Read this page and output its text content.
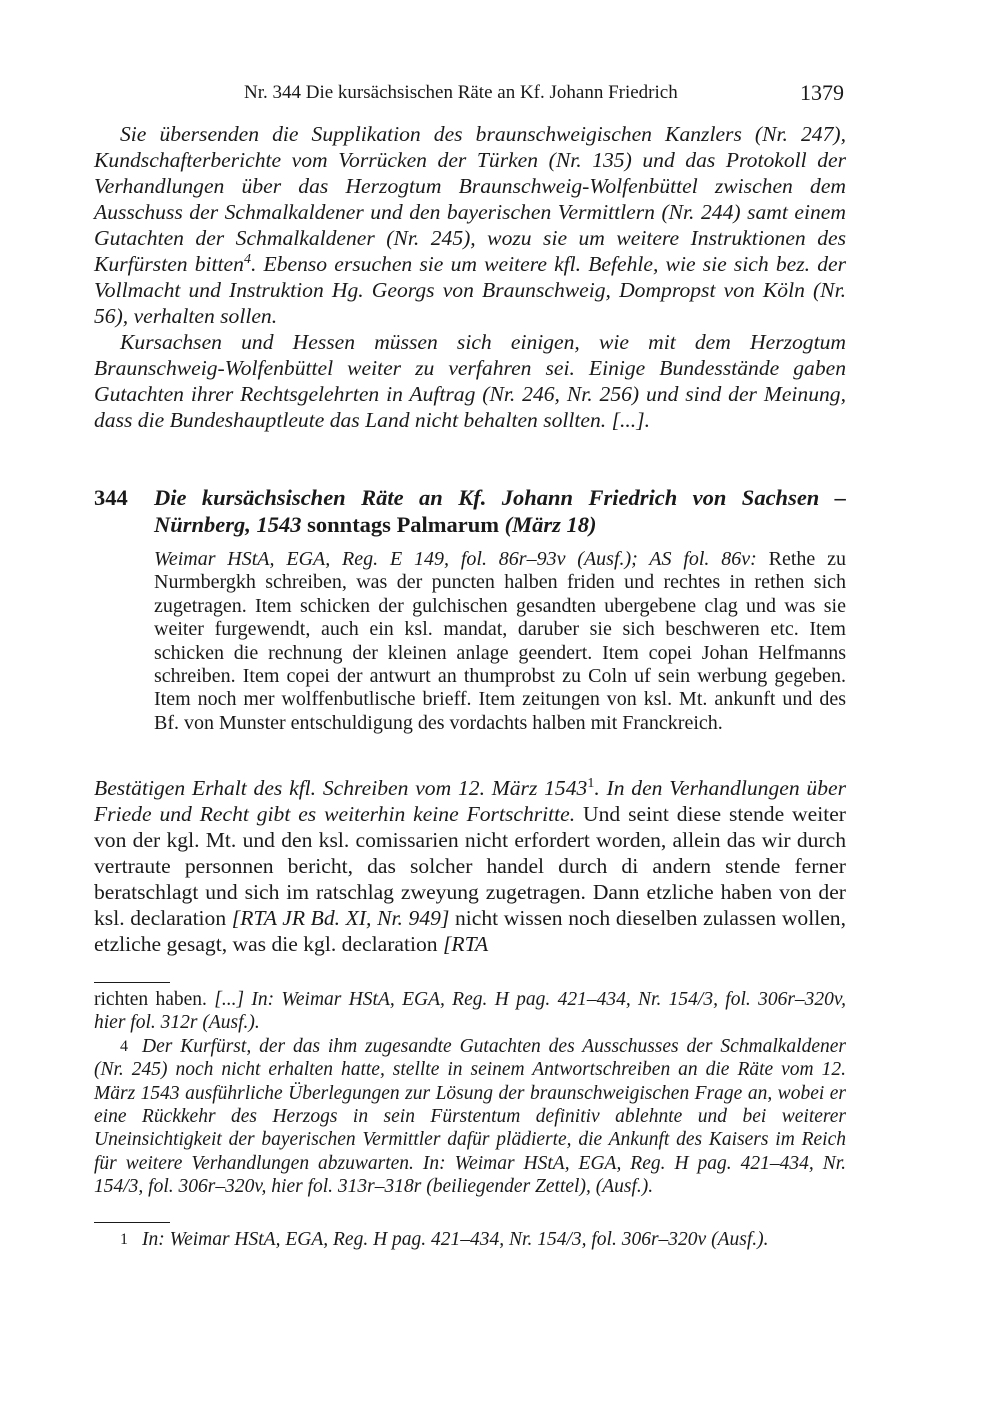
Nr. 344 Die kursächsischen Räte an Kf. Johann Friedrich	1379

Sie übersenden die Supplikation des braunschweigischen Kanzlers (Nr. 247), Kundschafterberichte vom Vorrücken der Türken (Nr. 135) und das Protokoll der Verhandlungen über das Herzogtum Braunschweig-Wolfenbüttel zwischen dem Ausschuss der Schmalkaldener und den bayerischen Vermittlern (Nr. 244) samt einem Gutachten der Schmalkaldener (Nr. 245), wozu sie um weitere Instruktionen des Kurfürsten bitten$^4$. Ebenso ersuchen sie um weitere kfl. Befehle, wie sie sich bez. der Vollmacht und Instruktion Hg. Georgs von Braunschweig, Dompropst von Köln (Nr. 56), verhalten sollen.

Kursachsen und Hessen müssen sich einigen, wie mit dem Herzogtum Braunschweig-Wolfenbüttel weiter zu verfahren sei. Einige Bundesstände gaben Gutachten ihrer Rechtsgelehrten in Auftrag (Nr. 246, Nr. 256) und sind der Meinung, dass die Bundeshauptleute das Land nicht behalten sollten. [...].

344 Die kursächsischen Räte an Kf. Johann Friedrich von Sachsen – Nürnberg, 1543 sonntags Palmarum (März 18)
Weimar HStA, EGA, Reg. E 149, fol. 86r–93v (Ausf.); AS fol. 86v: Rethe zu Nurmbergkh schreiben, was der puncten halben friden und rechtes in rethen sich zugetragen. Item schicken der gulchischen gesandten ubergebene clag und was sie weiter furgewendt, auch ein ksl. mandat, daruber sie sich beschweren etc. Item schicken die rechnung der kleinen anlage geendert. Item copei Johan Helfmanns schreiben. Item copei der antwurt an thumprobst zu Coln uf sein werbung gegeben. Item noch mer wolffenbutlische brieff. Item zeitungen von ksl. Mt. ankunft und des Bf. von Munster entschuldigung des vordachts halben mit Franckreich.

Bestätigen Erhalt des kfl. Schreiben vom 12. März 1543$^1$. In den Verhandlungen über Friede und Recht gibt es weiterhin keine Fortschritte. Und seint diese stende weiter von der kgl. Mt. und den ksl. comissarien nicht erfordert worden, allein das wir durch vertraute personnen bericht, das solcher handel durch di andern stende ferner beratschlagt und sich im ratschlag zweyung zugetragen. Dann etzliche haben von der ksl. declaration [RTA JR Bd. XI, Nr. 949] nicht wissen noch dieselben zulassen wollen, etzliche gesagt, was die kgl. declaration [RTA

richten haben. [...] In: Weimar HStA, EGA, Reg. H pag. 421–434, Nr. 154/3, fol. 306r–320v, hier fol. 312r (Ausf.).

4 Der Kurfürst, der das ihm zugesandte Gutachten des Ausschusses der Schmalkaldener (Nr. 245) noch nicht erhalten hatte, stellte in seinem Antwortschreiben an die Räte vom 12. März 1543 ausführliche Überlegungen zur Lösung der braunschweigischen Frage an, wobei er eine Rückkehr des Herzogs in sein Fürstentum definitiv ablehnte und bei weiterer Uneinsichtigkeit der bayerischen Vermittler dafür plädierte, die Ankunft des Kaisers im Reich für weitere Verhandlungen abzuwarten. In: Weimar HStA, EGA, Reg. H pag. 421–434, Nr. 154/3, fol. 306r–320v, hier fol. 313r–318r (beiliegender Zettel), (Ausf.).

1 In: Weimar HStA, EGA, Reg. H pag. 421–434, Nr. 154/3, fol. 306r–320v (Ausf.).
